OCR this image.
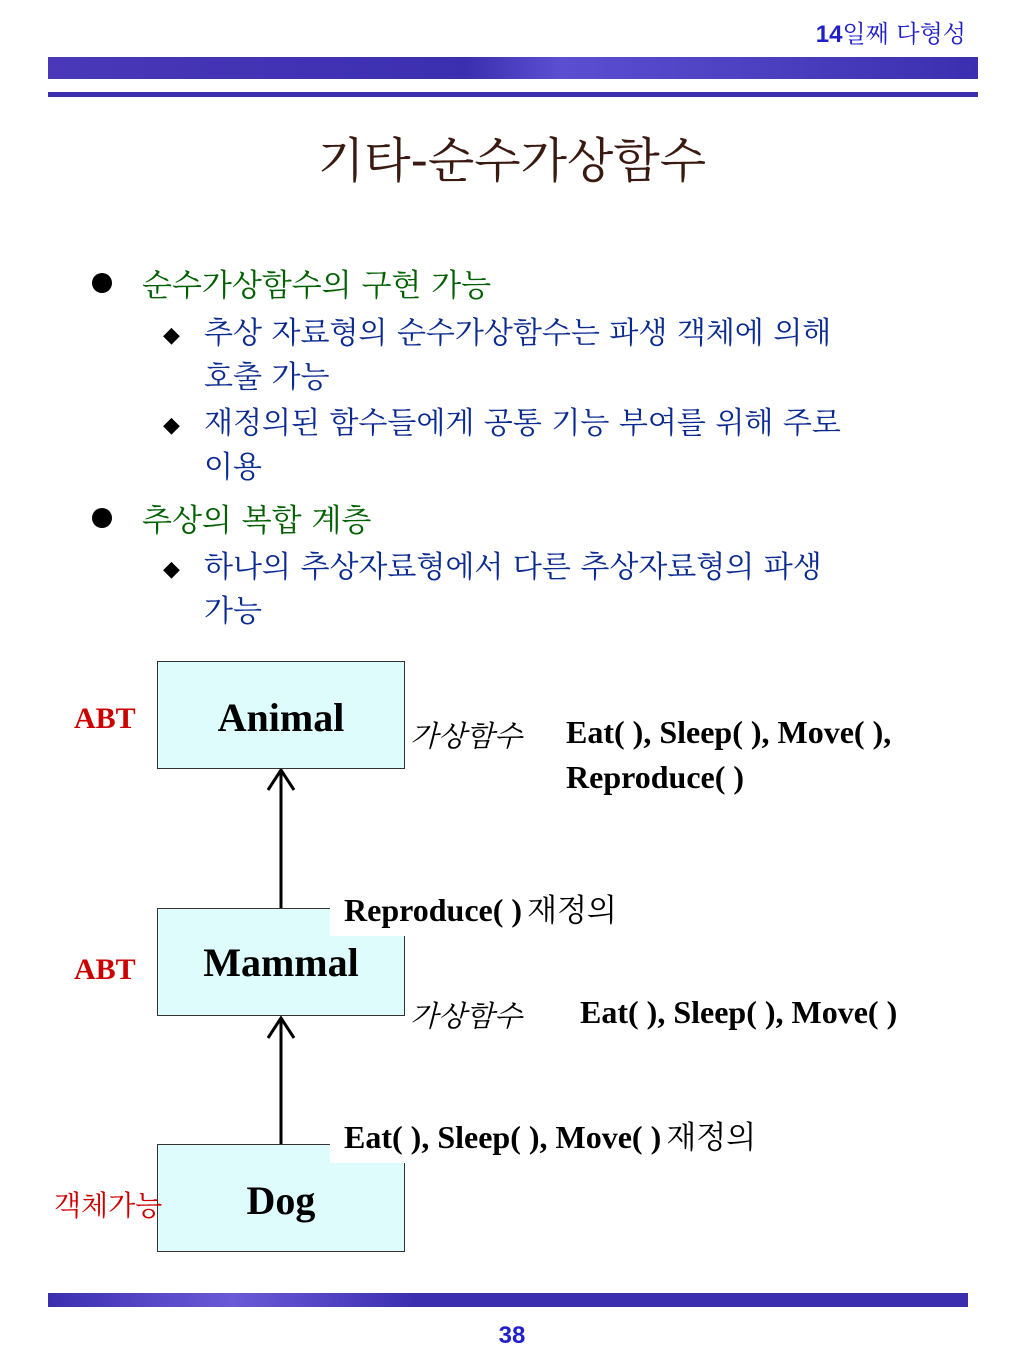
14일째 다형성
기타-순수가상함수
순수가상함수의 구현 가능
◆ 추상 자료형의 순수가상함수는 파생 객체에 의해
호출 가능
◆ 재정의된 함수들에게 공통 기능 부여를 위해 주로
이용
추상의 복합 계층
◆ 하나의 추상자료형에서 다른 추상자료형의 파생
가능
Animal
Mammal
Dog
ABT
ABT
객체가능
가상함수 Eat( ), Sleep( ), Move( ),
Reproduce( )
Reproduce( ) 재정의
가상함수 Eat( ), Sleep( ), Move( )
Eat( ), Sleep( ), Move( ) 재정의
38
